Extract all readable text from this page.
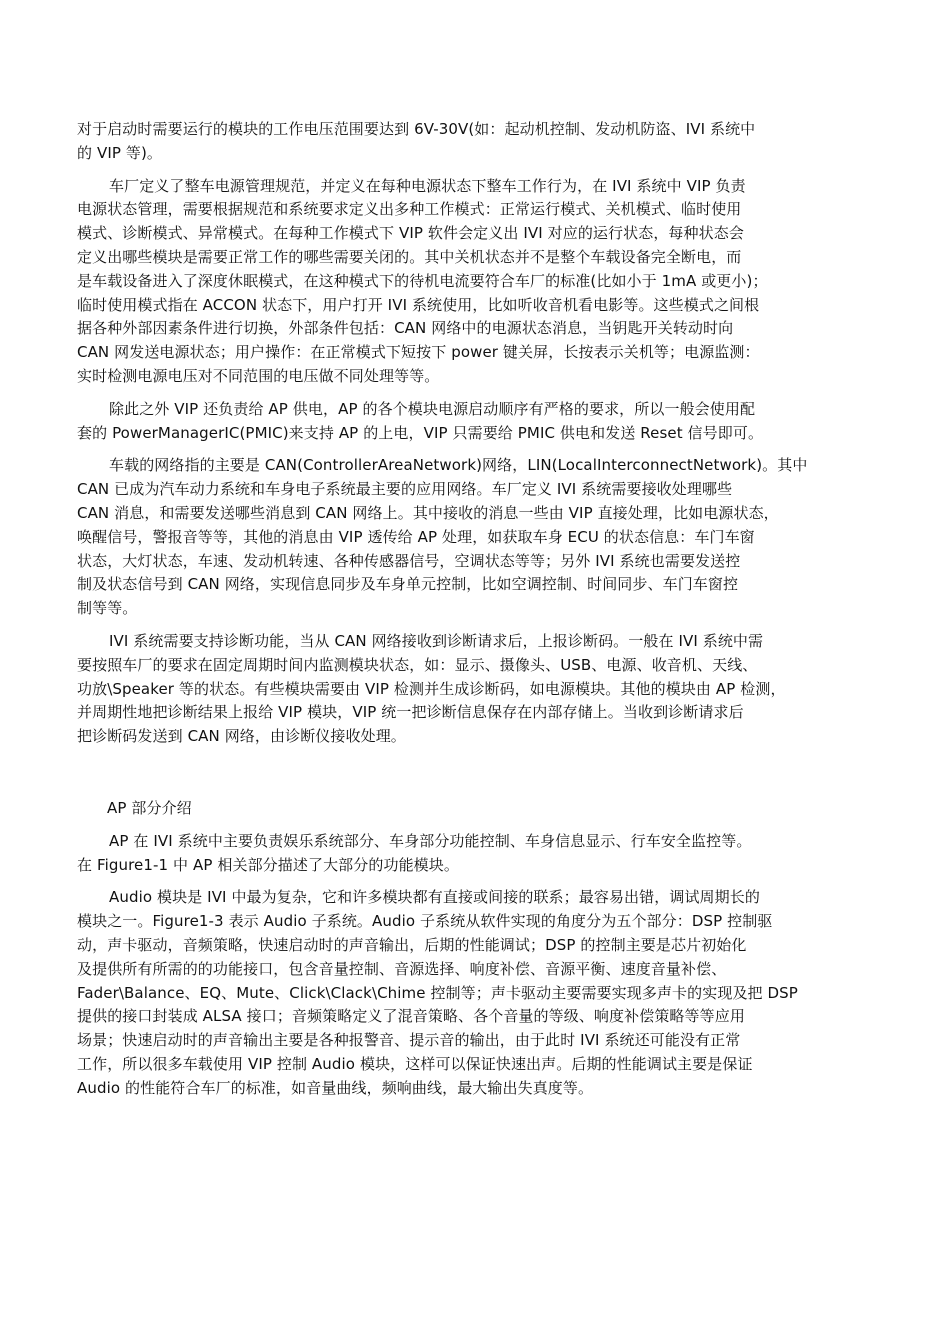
对于启动时需要运行的模块的工作电压范围要达到 6V-30V(如：起动机控制、发动机防盗、IVI 系统中
的 VIP 等)。
车厂定义了整车电源管理规范，并定义在每种电源状态下整车工作行为，在 IVI 系统中 VIP 负责
电源状态管理，需要根据规范和系统要求定义出多种工作模式：正常运行模式、关机模式、临时使用
模式、诊断模式、异常模式。在每种工作模式下 VIP 软件会定义出 IVI 对应的运行状态，每种状态会
定义出哪些模块是需要正常工作的哪些需要关闭的。其中关机状态并不是整个车载设备完全断电，而
是车载设备进入了深度休眠模式，在这种模式下的待机电流要符合车厂的标准(比如小于 1mA 或更小)；
临时使用模式指在 ACCON 状态下，用户打开 IVI 系统使用，比如听收音机看电影等。这些模式之间根
据各种外部因素条件进行切换，外部条件包括：CAN 网络中的电源状态消息，当钥匙开关转动时向
CAN 网发送电源状态；用户操作：在正常模式下短按下 power 键关屏，长按表示关机等；电源监测：
实时检测电源电压对不同范围的电压做不同处理等等。
除此之外 VIP 还负责给 AP 供电，AP 的各个模块电源启动顺序有严格的要求，所以一般会使用配
套的 PowerManagerIC(PMIC)来支持 AP 的上电，VIP 只需要给 PMIC 供电和发送 Reset 信号即可。
车载的网络指的主要是 CAN(ControllerAreaNetwork)网络，LIN(LocalInterconnectNetwork)。其中
CAN 已成为汽车动力系统和车身电子系统最主要的应用网络。车厂定义 IVI 系统需要接收处理哪些
CAN 消息，和需要发送哪些消息到 CAN 网络上。其中接收的消息一些由 VIP 直接处理，比如电源状态，
唤醒信号，警报音等等，其他的消息由 VIP 透传给 AP 处理，如获取车身 ECU 的状态信息：车门车窗
状态，大灯状态，车速、发动机转速、各种传感器信号，空调状态等等；另外 IVI 系统也需要发送控
制及状态信号到 CAN 网络，实现信息同步及车身单元控制，比如空调控制、时间同步、车门车窗控
制等等。
IVI 系统需要支持诊断功能，当从 CAN 网络接收到诊断请求后，上报诊断码。一般在 IVI 系统中需
要按照车厂的要求在固定周期时间内监测模块状态，如：显示、摄像头、USB、电源、收音机、天线、
功放\Speaker 等的状态。有些模块需要由 VIP 检测并生成诊断码，如电源模块。其他的模块由 AP 检测，
并周期性地把诊断结果上报给 VIP 模块，VIP 统一把诊断信息保存在内部存储上。当收到诊断请求后
把诊断码发送到 CAN 网络，由诊断仪接收处理。
AP 部分介绍
AP 在 IVI 系统中主要负责娱乐系统部分、车身部分功能控制、车身信息显示、行车安全监控等。
在 Figure1-1 中 AP 相关部分描述了大部分的功能模块。
Audio 模块是 IVI 中最为复杂，它和许多模块都有直接或间接的联系；最容易出错，调试周期长的
模块之一。Figure1-3 表示 Audio 子系统。Audio 子系统从软件实现的角度分为五个部分：DSP 控制驱
动，声卡驱动，音频策略，快速启动时的声音输出，后期的性能调试；DSP 的控制主要是芯片初始化
及提供所有所需的的功能接口，包含音量控制、音源选择、响度补偿、音源平衡、速度音量补偿、
Fader\Balance、EQ、Mute、Click\Clack\Chime 控制等；声卡驱动主要需要实现多声卡的实现及把 DSP
提供的接口封装成 ALSA 接口；音频策略定义了混音策略、各个音量的等级、响度补偿策略等等应用
场景；快速启动时的声音输出主要是各种报警音、提示音的输出，由于此时 IVI 系统还可能没有正常
工作，所以很多车载使用 VIP 控制 Audio 模块，这样可以保证快速出声。后期的性能调试主要是保证
Audio 的性能符合车厂的标准，如音量曲线，频响曲线，最大输出失真度等。
